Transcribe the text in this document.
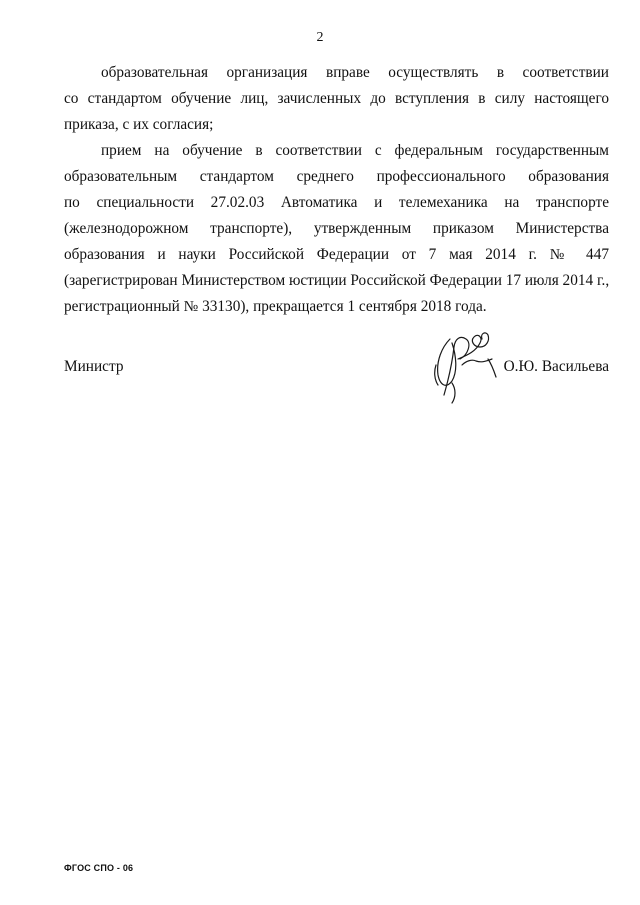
2
образовательная организация вправе осуществлять в соответствии
со стандартом обучение лиц, зачисленных до вступления в силу настоящего
приказа, с их согласия;
прием на обучение в соответствии с федеральным государственным
образовательным стандартом среднего профессионального образования
по специальности 27.02.03 Автоматика и телемеханика на транспорте
(железнодорожном транспорте), утвержденным приказом Министерства
образования и науки Российской Федерации от 7 мая 2014 г. № 447
(зарегистрирован Министерством юстиции Российской Федерации 17 июля 2014 г.,
регистрационный № 33130), прекращается 1 сентября 2018 года.
Министр	О.Ю. Васильева
ФГОС СПО - 06
